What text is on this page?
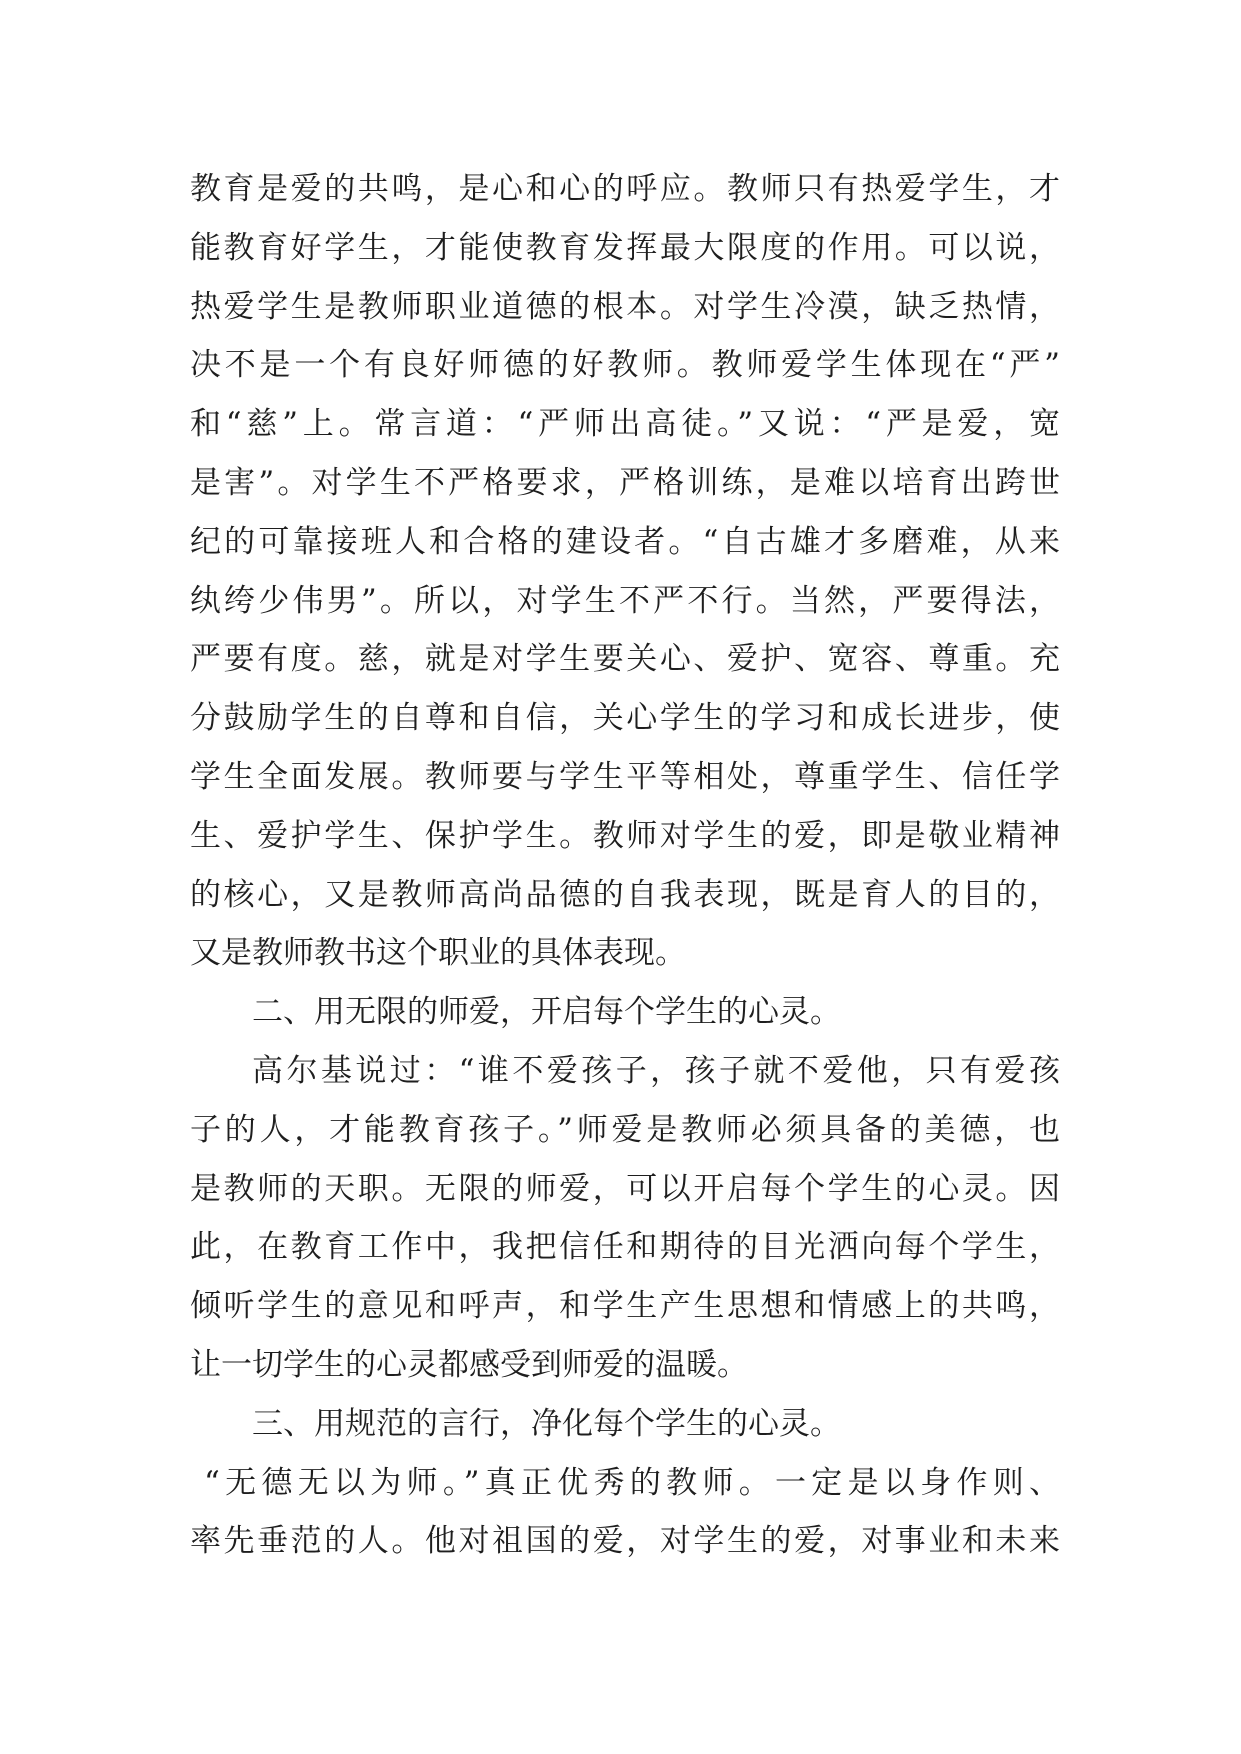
教育是爱的共鸣，是心和心的呼应。教师只有热爱学生，才
能教育好学生，才能使教育发挥最大限度的作用。可以说，
热爱学生是教师职业道德的根本。对学生冷漠，缺乏热情，
决不是一个有良好师德的好教师。教师爱学生体现在“严”
和“慈”上。常言道：“严师出高徒。”又说：“严是爱，宽
是害”。对学生不严格要求，严格训练，是难以培育出跨世
纪的可靠接班人和合格的建设者。“自古雄才多磨难，从来
纨绔少伟男”。所以，对学生不严不行。当然，严要得法，
严要有度。慈，就是对学生要关心、爱护、宽容、尊重。充
分鼓励学生的自尊和自信，关心学生的学习和成长进步，使
学生全面发展。教师要与学生平等相处，尊重学生、信任学
生、爱护学生、保护学生。教师对学生的爱，即是敬业精神
的核心，又是教师高尚品德的自我表现，既是育人的目的，
又是教师教书这个职业的具体表现。
二、用无限的师爱，开启每个学生的心灵。
高尔基说过：“谁不爱孩子，孩子就不爱他，只有爱孩
子的人，才能教育孩子。”师爱是教师必须具备的美德，也
是教师的天职。无限的师爱，可以开启每个学生的心灵。因
此，在教育工作中，我把信任和期待的目光洒向每个学生，
倾听学生的意见和呼声，和学生产生思想和情感上的共鸣，
让一切学生的心灵都感受到师爱的温暖。
三、用规范的言行，净化每个学生的心灵。
“无德无以为师。”真正优秀的教师。一定是以身作则、
率先垂范的人。他对祖国的爱，对学生的爱，对事业和未来
